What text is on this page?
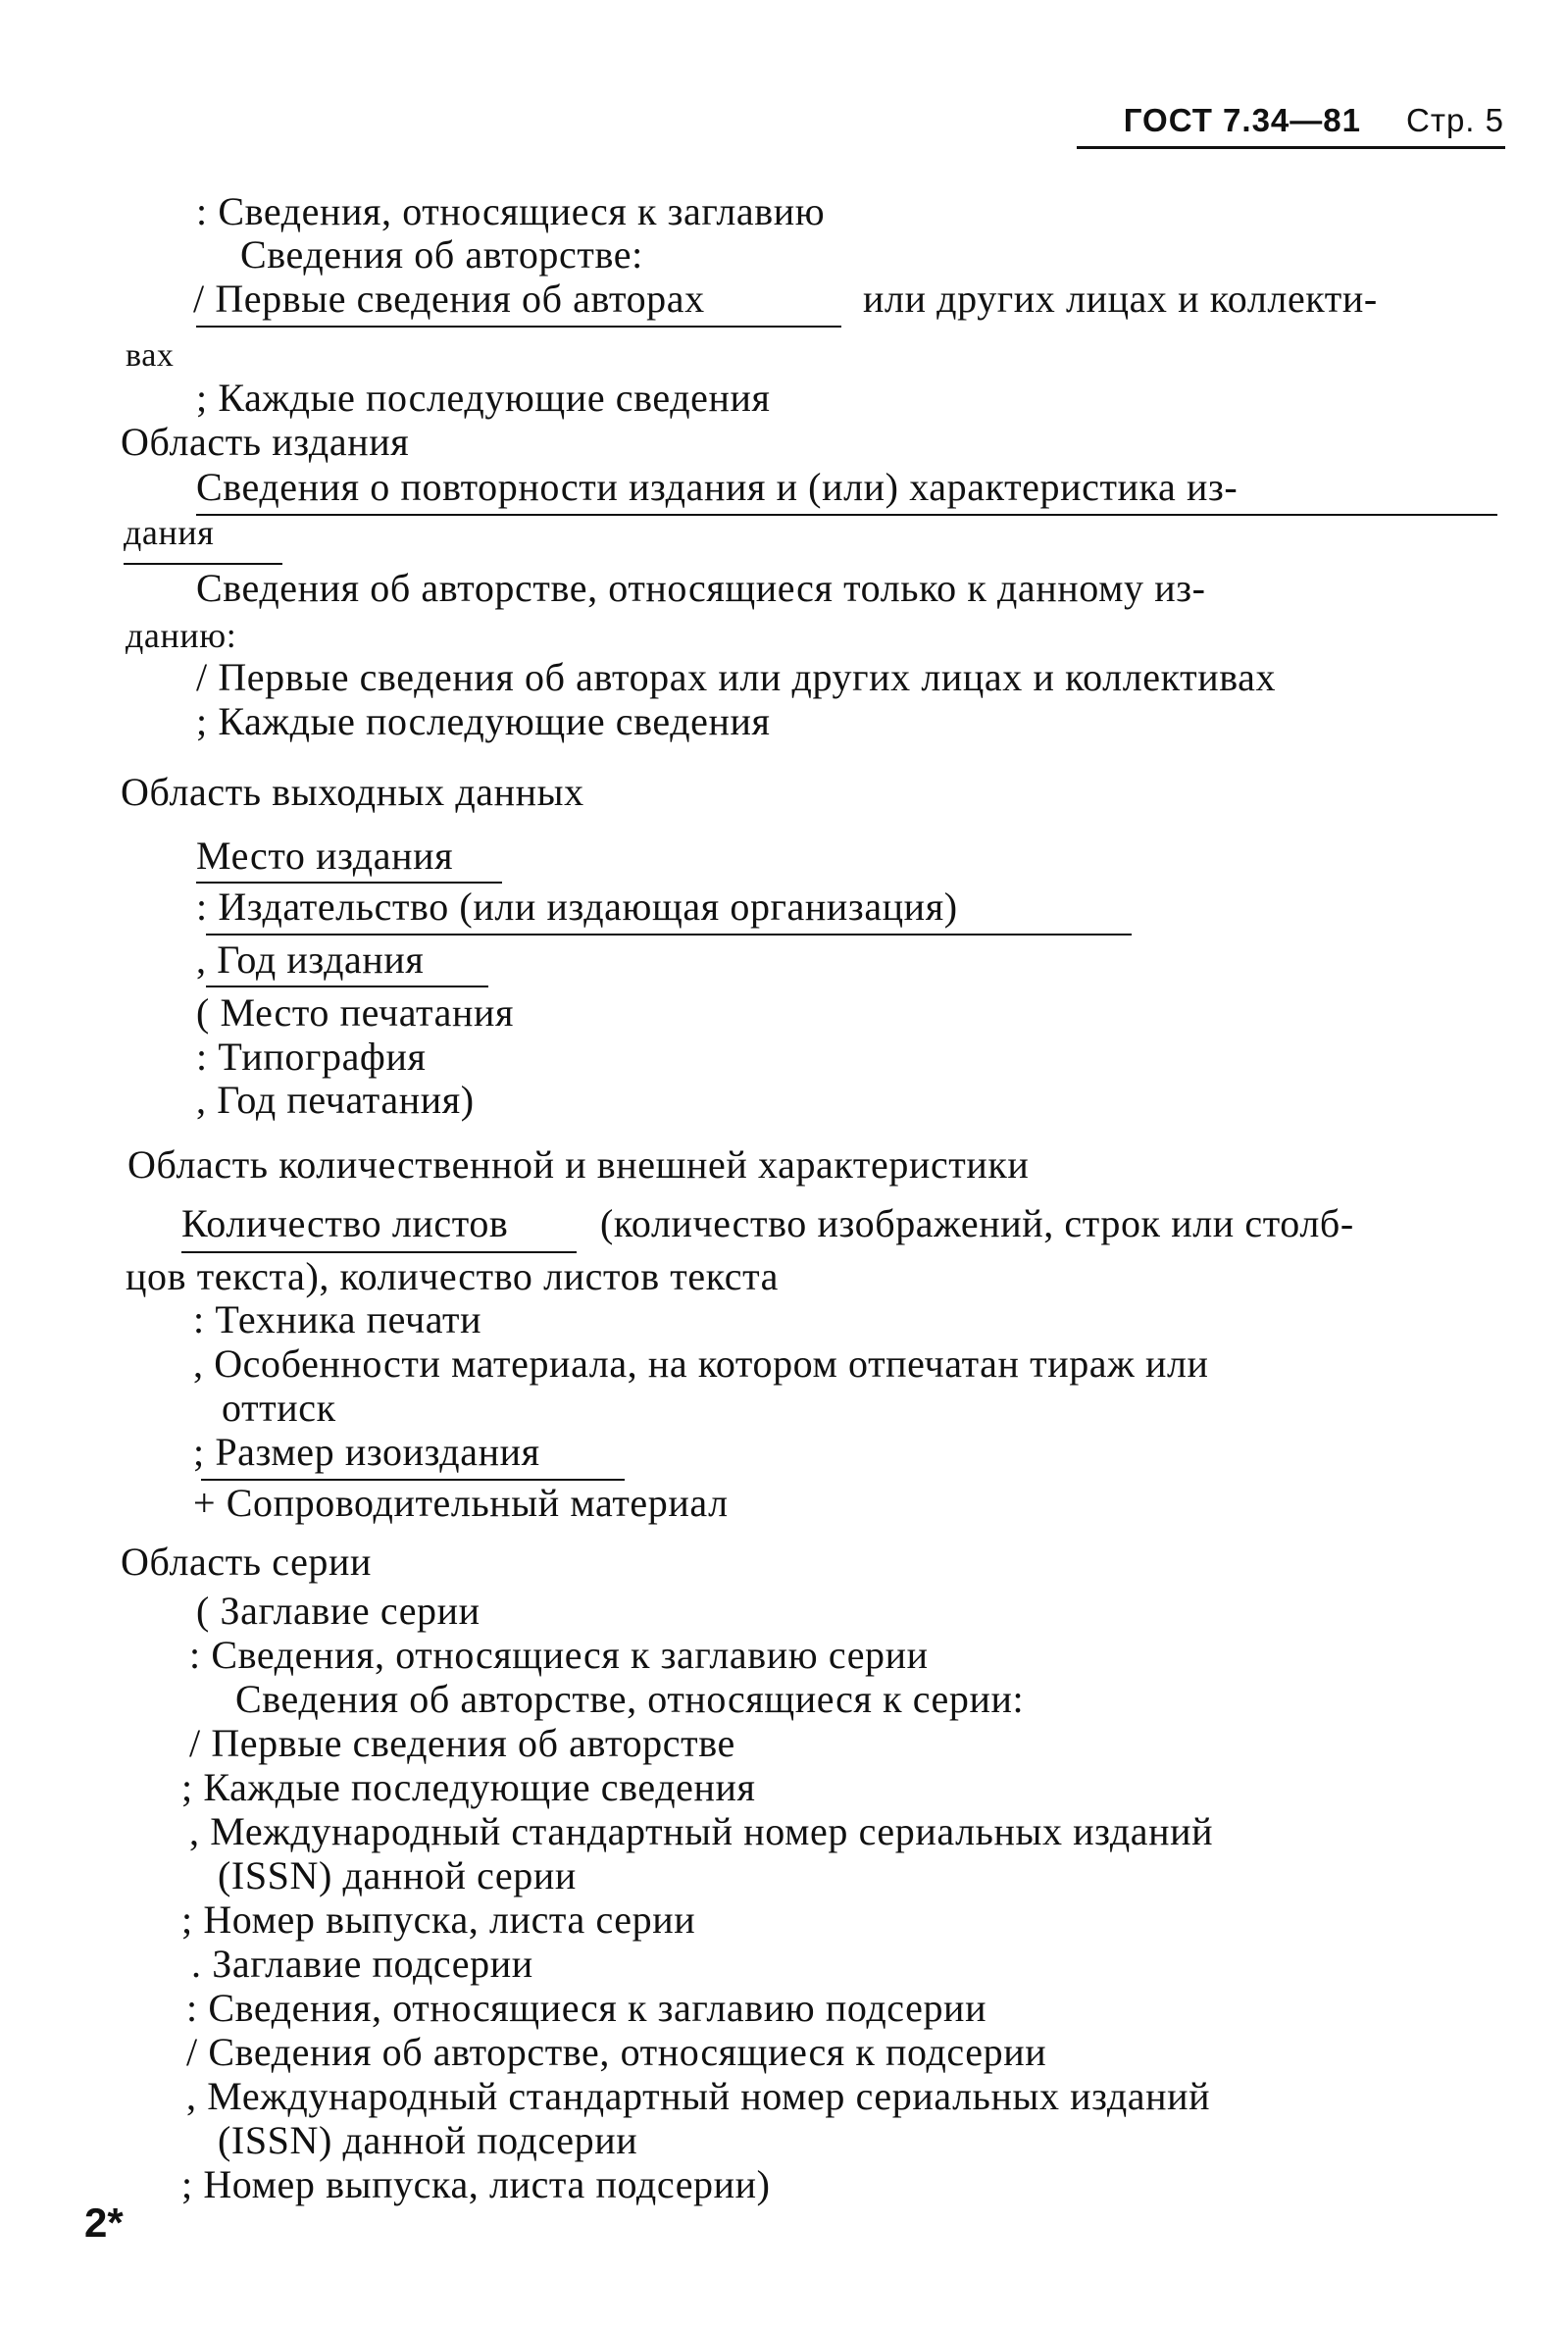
ГОСТ 7.34—81 Стр. 5
: Сведения, относящиеся к заглавию
Сведения об авторстве:
/ Первые сведения об авторах	или других лицах и коллекти-
вах
; Каждые последующие сведения
Область издания
Сведения о повторности издания и (или) характеристика из-
дания
Сведения об авторстве, относящиеся только к данному из-
данию:
/ Первые сведения об авторах или других лицах и коллективах
; Каждые последующие сведения
Область выходных данных
Место издания
: Издательство (или издающая организация)
, Год издания
( Место печатания
: Типография
, Год печатания)
Область количественной и внешней характеристики
Количество листов (количество изображений, строк или столб-
цов текста), количество листов текста
: Техника печати
, Особенности материала, на котором отпечатан тираж или
оттиск
; Размер изоиздания
+ Сопроводительный материал
Область серии
( Заглавие серии
: Сведения, относящиеся к заглавию серии
Сведения об авторстве, относящиеся к серии:
/ Первые сведения об авторстве
; Каждые последующие сведения
, Международный стандартный номер сериальных изданий
(ISSN) данной серии
; Номер выпуска, листа серии
. Заглавие подсерии
: Сведения, относящиеся к заглавию подсерии
/ Сведения об авторстве, относящиеся к подсерии
, Международный стандартный номер сериальных изданий
(ISSN) данной подсерии
; Номер выпуска, листа подсерии)
2*
